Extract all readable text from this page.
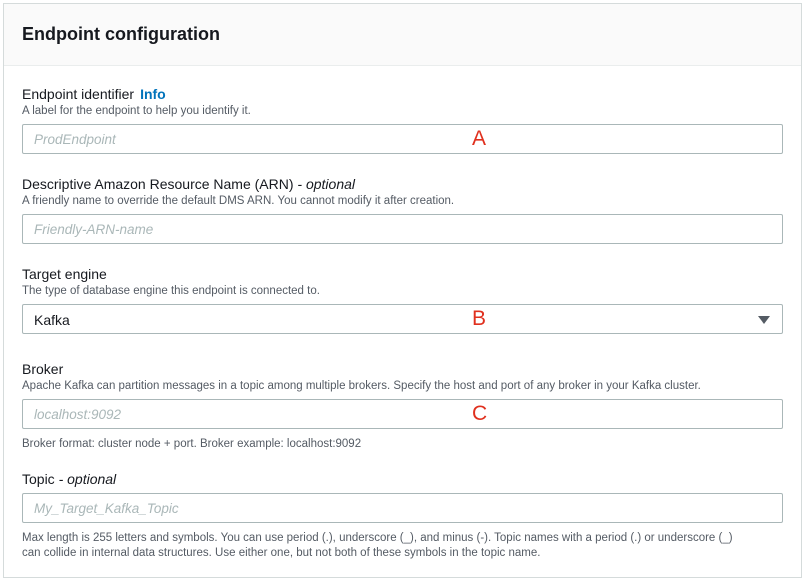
Endpoint configuration
Endpoint identifier Info
A label for the endpoint to help you identify it.
ProdEndpoint	A
Descriptive Amazon Resource Name (ARN) - optional
A friendly name to override the default DMS ARN. You cannot modify it after creation.
Friendly-ARN-name
Target engine
The type of database engine this endpoint is connected to.
Kafka	B
Broker
Apache Kafka can partition messages in a topic among multiple brokers. Specify the host and port of any broker in your Kafka cluster.
localhost:9092	C
Broker format: cluster node + port. Broker example: localhost:9092
Topic - optional
My_Target_Kafka_Topic
Max length is 255 letters and symbols. You can use period (.), underscore (_), and minus (-). Topic names with a period (.) or underscore (_)
can collide in internal data structures. Use either one, but not both of these symbols in the topic name.
